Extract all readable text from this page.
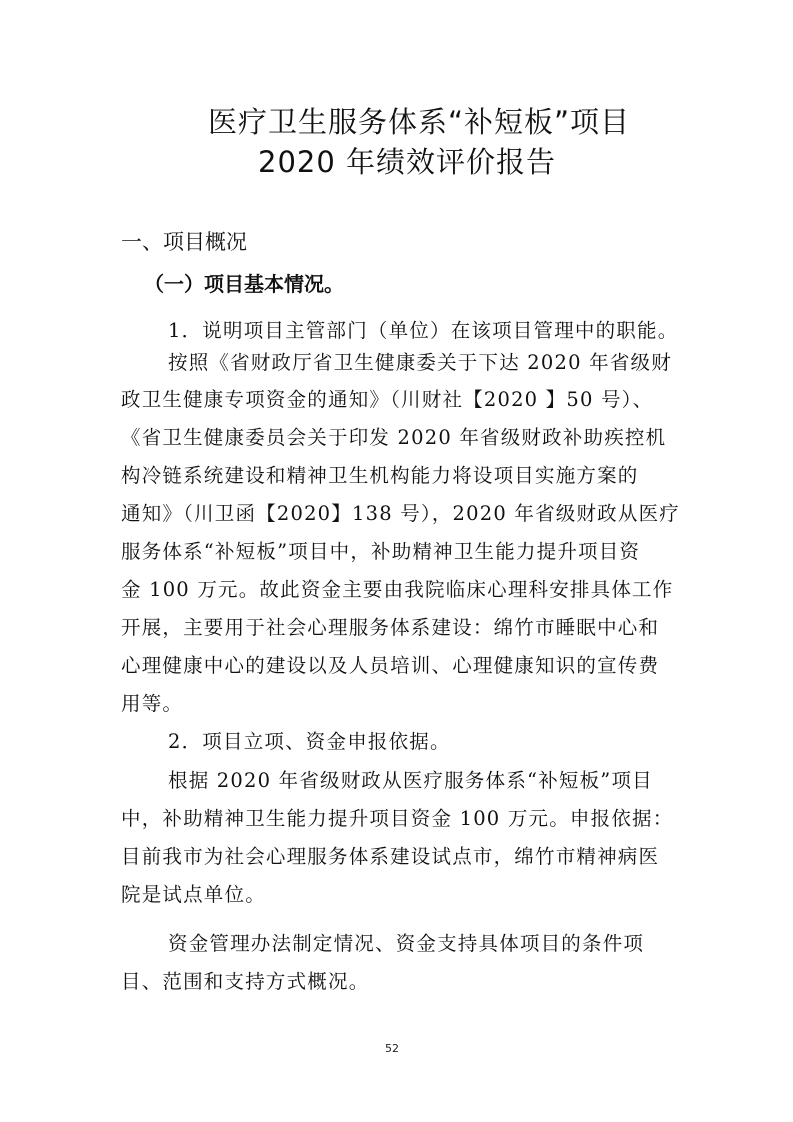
医疗卫生服务体系“补短板”项目
2020 年绩效评价报告
一、项目概况
（一）项目基本情况。
1．说明项目主管部门（单位）在该项目管理中的职能。
按照《省财政厅省卫生健康委关于下达 2020 年省级财
政卫生健康专项资金的通知》（川财社【2020 】50 号）、
《省卫生健康委员会关于印发 2020 年省级财政补助疾控机
构冷链系统建设和精神卫生机构能力将设项目实施方案的
通知》（川卫函【2020】138 号），2020 年省级财政从医疗
服务体系“补短板”项目中，补助精神卫生能力提升项目资
金 100 万元。故此资金主要由我院临床心理科安排具体工作
开展，主要用于社会心理服务体系建设：绵竹市睡眠中心和
心理健康中心的建设以及人员培训、心理健康知识的宣传费
用等。
2．项目立项、资金申报依据。
根据 2020 年省级财政从医疗服务体系“补短板”项目
中，补助精神卫生能力提升项目资金 100 万元。申报依据：
目前我市为社会心理服务体系建设试点市，绵竹市精神病医
院是试点单位。
资金管理办法制定情况、资金支持具体项目的条件项
目、范围和支持方式概况。
52
